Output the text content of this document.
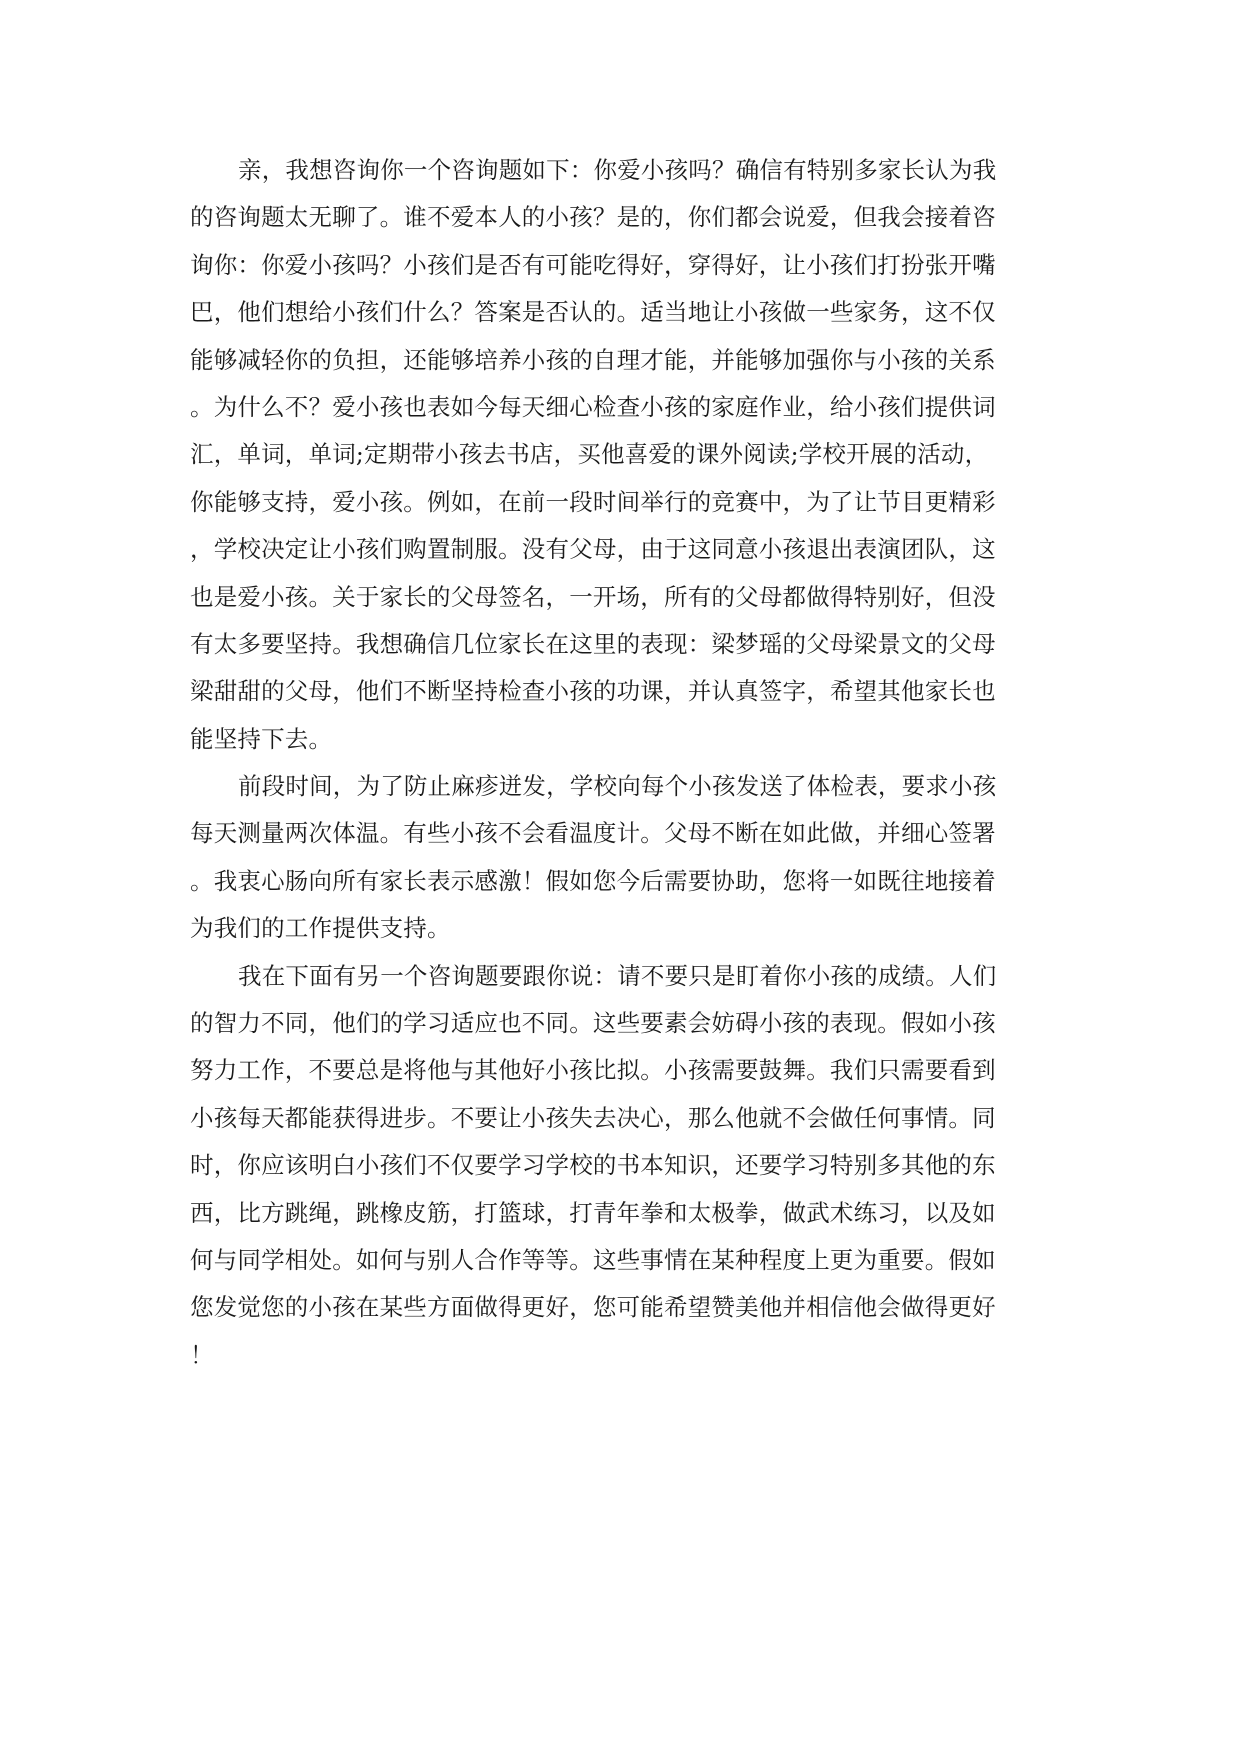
亲，我想咨询你一个咨询题如下：你爱小孩吗？确信有特别多家长认为我
的咨询题太无聊了。谁不爱本人的小孩？是的，你们都会说爱，但我会接着咨
询你：你爱小孩吗？小孩们是否有可能吃得好，穿得好，让小孩们打扮张开嘴
巴，他们想给小孩们什么？答案是否认的。适当地让小孩做一些家务，这不仅
能够减轻你的负担，还能够培养小孩的自理才能，并能够加强你与小孩的关系
。为什么不？爱小孩也表如今每天细心检查小孩的家庭作业，给小孩们提供词
汇，单词，单词;定期带小孩去书店，买他喜爱的课外阅读;学校开展的活动，
你能够支持，爱小孩。例如，在前一段时间举行的竞赛中，为了让节目更精彩
，学校决定让小孩们购置制服。没有父母，由于这同意小孩退出表演团队，这
也是爱小孩。关于家长的父母签名，一开场，所有的父母都做得特别好，但没
有太多要坚持。我想确信几位家长在这里的表现：梁梦瑶的父母梁景文的父母
梁甜甜的父母，他们不断坚持检查小孩的功课，并认真签字，希望其他家长也
能坚持下去。
前段时间，为了防止麻疹迸发，学校向每个小孩发送了体检表，要求小孩
每天测量两次体温。有些小孩不会看温度计。父母不断在如此做，并细心签署
。我衷心肠向所有家长表示感激！假如您今后需要协助，您将一如既往地接着
为我们的工作提供支持。
我在下面有另一个咨询题要跟你说：请不要只是盯着你小孩的成绩。人们
的智力不同，他们的学习适应也不同。这些要素会妨碍小孩的表现。假如小孩
努力工作，不要总是将他与其他好小孩比拟。小孩需要鼓舞。我们只需要看到
小孩每天都能获得进步。不要让小孩失去决心，那么他就不会做任何事情。同
时，你应该明白小孩们不仅要学习学校的书本知识，还要学习特别多其他的东
西，比方跳绳，跳橡皮筋，打篮球，打青年拳和太极拳，做武术练习，以及如
何与同学相处。如何与别人合作等等。这些事情在某种程度上更为重要。假如
您发觉您的小孩在某些方面做得更好，您可能希望赞美他并相信他会做得更好
！
